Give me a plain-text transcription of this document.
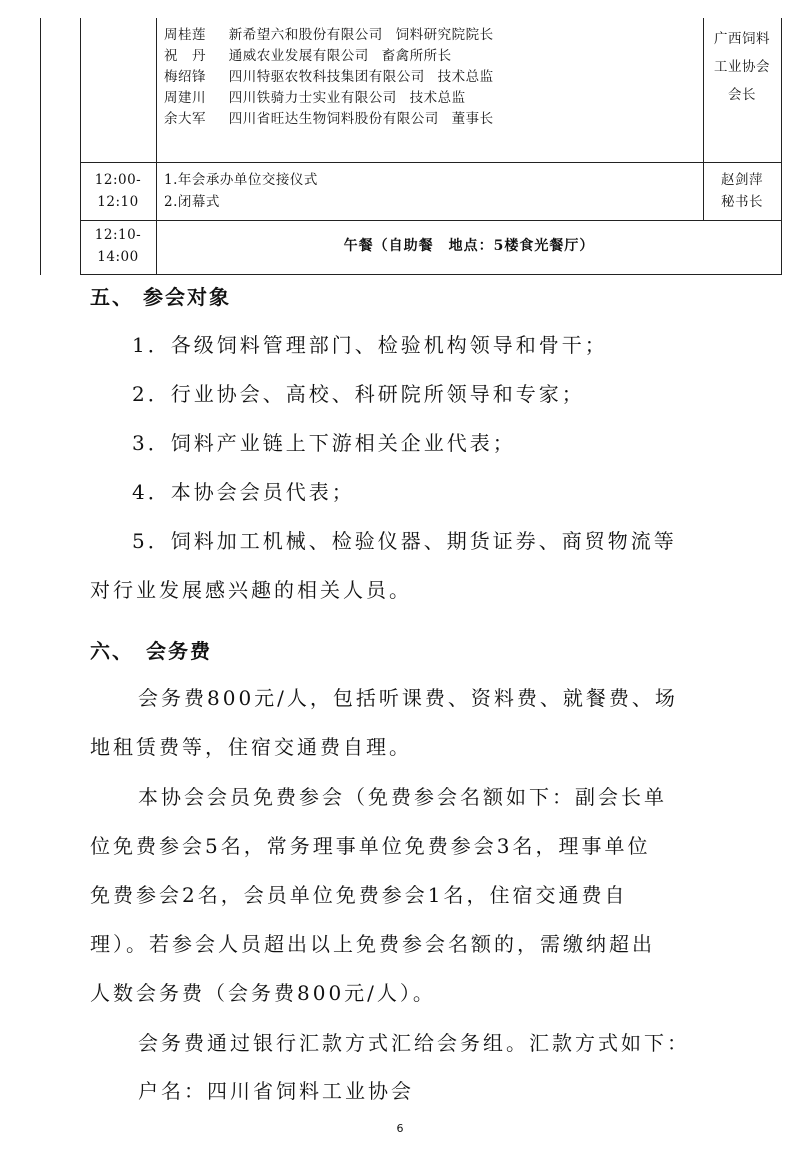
周桂莲 新希望六和股份有限公司 饲料研究院院长
祝　丹 通威农业发展有限公司 畜禽所所长
梅绍锋 四川特驱农牧科技集团有限公司 技术总监
周建川 四川铁骑力士实业有限公司 技术总监
余大军 四川省旺达生物饲料股份有限公司 董事长
广西饲料
工业协会
会长
12:00-
12:10
1.年会承办单位交接仪式
2.闭幕式
赵剑萍
秘书长
12:10-
14:00
午餐（自助餐　地点：5楼食光餐厅）
五、 参会对象
1．各级饲料管理部门、检验机构领导和骨干；
2．行业协会、高校、科研院所领导和专家；
3．饲料产业链上下游相关企业代表；
4．本协会会员代表；
5．饲料加工机械、检验仪器、期货证券、商贸物流等
对行业发展感兴趣的相关人员。
六、　会务费
会务费800元/人，包括听课费、资料费、就餐费、场
地租赁费等，住宿交通费自理。
本协会会员免费参会（免费参会名额如下：副会长单
位免费参会5名，常务理事单位免费参会3名，理事单位
免费参会2名，会员单位免费参会1名，住宿交通费自
理）。若参会人员超出以上免费参会名额的，需缴纳超出
人数会务费（会务费800元/人）。
会务费通过银行汇款方式汇给会务组。汇款方式如下：
户名：四川省饲料工业协会
6
